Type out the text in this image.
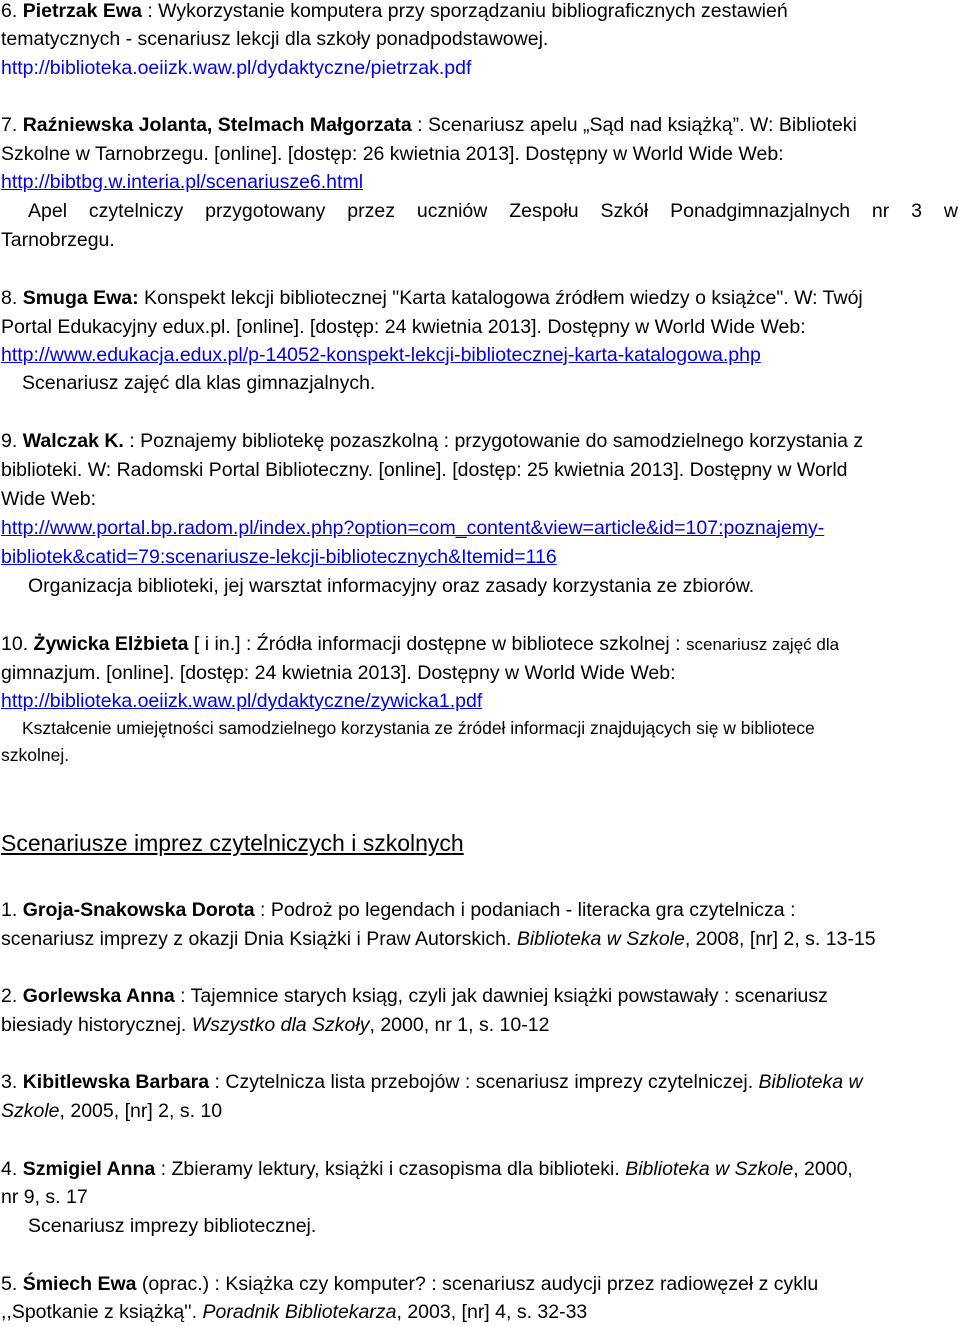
6. Pietrzak Ewa : Wykorzystanie komputera przy sporządzaniu bibliograficznych zestawień
tematycznych - scenariusz lekcji dla szkoły ponadpodstawowej.
http://biblioteka.oeiizk.waw.pl/dydaktyczne/pietrzak.pdf
7. Raźniewska Jolanta, Stelmach Małgorzata : Scenariusz apelu „Sąd nad książką”. W: Biblioteki
Szkolne w Tarnobrzegu. [online]. [dostęp: 26 kwietnia 2013]. Dostępny w World Wide Web:
http://bibtbg.w.interia.pl/scenariusze6.html
Apel czytelniczy przygotowany przez uczniów Zespołu Szkół Ponadgimnazjalnych nr 3 w
Tarnobrzegu.
8. Smuga Ewa: Konspekt lekcji bibliotecznej "Karta katalogowa źródłem wiedzy o książce". W: Twój
Portal Edukacyjny edux.pl. [online]. [dostęp: 24 kwietnia 2013]. Dostępny w World Wide Web:
http://www.edukacja.edux.pl/p-14052-konspekt-lekcji-bibliotecznej-karta-katalogowa.php
Scenariusz zajęć dla klas gimnazjalnych.
9. Walczak K. : Poznajemy bibliotekę pozaszkolną : przygotowanie do samodzielnego korzystania z
biblioteki. W: Radomski Portal Biblioteczny. [online]. [dostęp: 25 kwietnia 2013]. Dostępny w World
Wide Web:
http://www.portal.bp.radom.pl/index.php?option=com_content&view=article&id=107:poznajemy-
bibliotek&catid=79:scenariusze-lekcji-bibliotecznych&Itemid=116
Organizacja biblioteki, jej warsztat informacyjny oraz zasady korzystania ze zbiorów.
10. Żywicka Elżbieta [ i in.] : Źródła informacji dostępne w bibliotece szkolnej : scenariusz zajęć dla
gimnazjum. [online]. [dostęp: 24 kwietnia 2013]. Dostępny w World Wide Web:
http://biblioteka.oeiizk.waw.pl/dydaktyczne/zywicka1.pdf
Kształcenie umiejętności samodzielnego korzystania ze źródeł informacji znajdujących się w bibliotece
szkolnej.
Scenariusze imprez czytelniczych i szkolnych
1. Groja-Snakowska Dorota : Podroż po legendach i podaniach - literacka gra czytelnicza :
scenariusz imprezy z okazji Dnia Książki i Praw Autorskich. Biblioteka w Szkole, 2008, [nr] 2, s. 13-15
2. Gorlewska Anna : Tajemnice starych ksiąg, czyli jak dawniej książki powstawały : scenariusz
biesiady historycznej. Wszystko dla Szkoły, 2000, nr 1, s. 10-12
3. Kibitlewska Barbara : Czytelnicza lista przebojów : scenariusz imprezy czytelniczej. Biblioteka w
Szkole, 2005, [nr] 2, s. 10
4. Szmigiel Anna : Zbieramy lektury, książki i czasopisma dla biblioteki. Biblioteka w Szkole, 2000,
nr 9, s. 17
Scenariusz imprezy bibliotecznej.
5. Śmiech Ewa (oprac.) : Książka czy komputer? : scenariusz audycji przez radiowęzeł z cyklu
,,Spotkanie z książką''. Poradnik Bibliotekarza, 2003, [nr] 4, s. 32-33
